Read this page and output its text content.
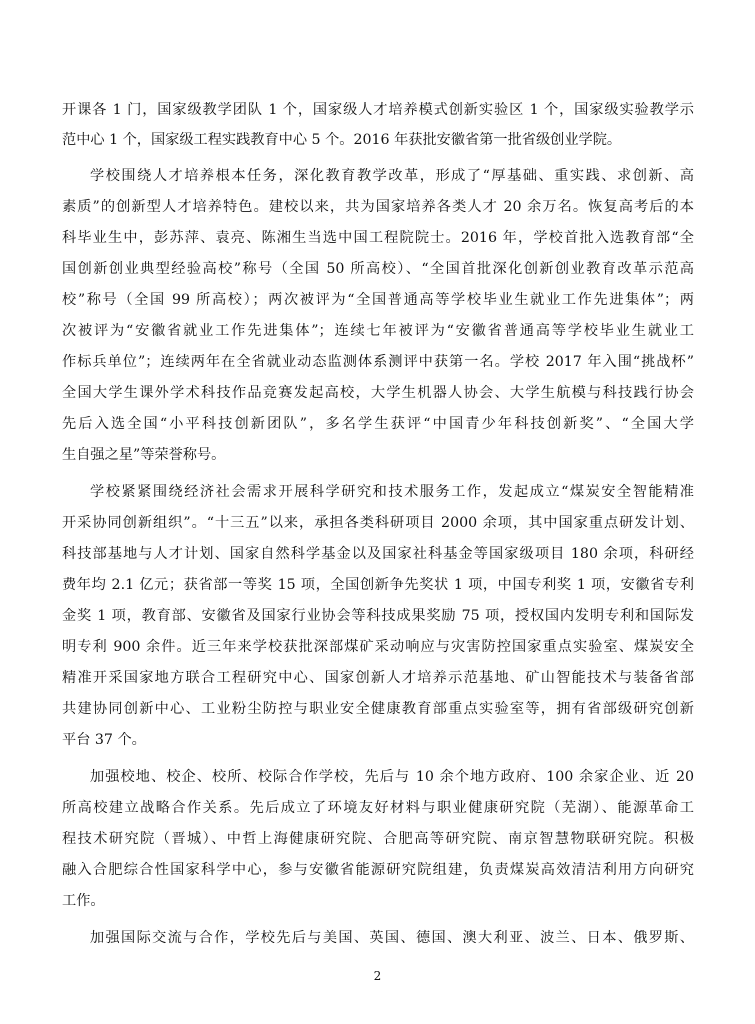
开课各 1 门，国家级教学团队 1 个，国家级人才培养模式创新实验区 1 个，国家级实验教学示
范中心 1 个，国家级工程实践教育中心 5 个。2016 年获批安徽省第一批省级创业学院。
学校围绕人才培养根本任务，深化教育教学改革，形成了“厚基础、重实践、求创新、高
素质”的创新型人才培养特色。建校以来，共为国家培养各类人才 20 余万名。恢复高考后的本
科毕业生中，彭苏萍、袁亮、陈湘生当选中国工程院院士。2016 年，学校首批入选教育部“全
国创新创业典型经验高校”称号（全国 50 所高校）、“全国首批深化创新创业教育改革示范高
校”称号（全国 99 所高校）；两次被评为“全国普通高等学校毕业生就业工作先进集体”；两
次被评为“安徽省就业工作先进集体”；连续七年被评为“安徽省普通高等学校毕业生就业工
作标兵单位”；连续两年在全省就业动态监测体系测评中获第一名。学校 2017 年入围“挑战杯”
全国大学生课外学术科技作品竞赛发起高校，大学生机器人协会、大学生航模与科技践行协会
先后入选全国“小平科技创新团队”，多名学生获评“中国青少年科技创新奖”、“全国大学
生自强之星”等荣誉称号。
学校紧紧围绕经济社会需求开展科学研究和技术服务工作，发起成立“煤炭安全智能精准
开采协同创新组织”。“十三五”以来，承担各类科研项目 2000 余项，其中国家重点研发计划、
科技部基地与人才计划、国家自然科学基金以及国家社科基金等国家级项目 180 余项，科研经
费年均 2.1 亿元；获省部一等奖 15 项，全国创新争先奖状 1 项，中国专利奖 1 项，安徽省专利
金奖 1 项，教育部、安徽省及国家行业协会等科技成果奖励 75 项，授权国内发明专利和国际发
明专利 900 余件。近三年来学校获批深部煤矿采动响应与灾害防控国家重点实验室、煤炭安全
精准开采国家地方联合工程研究中心、国家创新人才培养示范基地、矿山智能技术与装备省部
共建协同创新中心、工业粉尘防控与职业安全健康教育部重点实验室等，拥有省部级研究创新
平台 37 个。
加强校地、校企、校所、校际合作学校，先后与 10 余个地方政府、100 余家企业、近 20
所高校建立战略合作关系。先后成立了环境友好材料与职业健康研究院（芜湖）、能源革命工
程技术研究院（晋城）、中哲上海健康研究院、合肥高等研究院、南京智慧物联研究院。积极
融入合肥综合性国家科学中心，参与安徽省能源研究院组建，负责煤炭高效清洁利用方向研究
工作。
加强国际交流与合作，学校先后与美国、英国、德国、澳大利亚、波兰、日本、俄罗斯、
2
